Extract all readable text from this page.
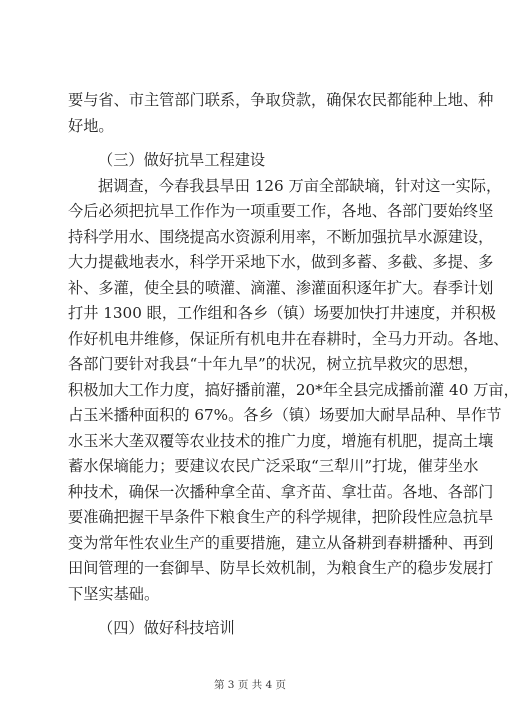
要与省、市主管部门联系，争取贷款，确保农民都能种上地、种
好地。
（三）做好抗旱工程建设
据调查，今春我县旱田 126 万亩全部缺墒，针对这一实际，
今后必须把抗旱工作作为一项重要工作，各地、各部门要始终坚
持科学用水、围绕提高水资源利用率，不断加强抗旱水源建设，
大力提截地表水，科学开采地下水，做到多蓄、多截、多提、多
补、多灌，使全县的喷灌、滴灌、渗灌面积逐年扩大。春季计划
打井 1300 眼，工作组和各乡（镇）场要加快打井速度，并积极
作好机电井维修，保证所有机电井在春耕时，全马力开动。各地、
各部门要针对我县“十年九旱”的状况，树立抗旱救灾的思想，
积极加大工作力度，搞好播前灌，20*年全县完成播前灌 40 万亩，
占玉米播种面积的 67%。各乡（镇）场要加大耐旱品种、旱作节
水玉米大垄双覆等农业技术的推广力度，增施有机肥，提高土壤
蓄水保墒能力；要建议农民广泛采取“三犁川”打垅，催芽坐水
种技术，确保一次播种拿全苗、拿齐苗、拿壮苗。各地、各部门
要准确把握干旱条件下粮食生产的科学规律，把阶段性应急抗旱
变为常年性农业生产的重要措施，建立从备耕到春耕播种、再到
田间管理的一套御旱、防旱长效机制，为粮食生产的稳步发展打
下坚实基础。
（四）做好科技培训
第 3 页 共 4 页
